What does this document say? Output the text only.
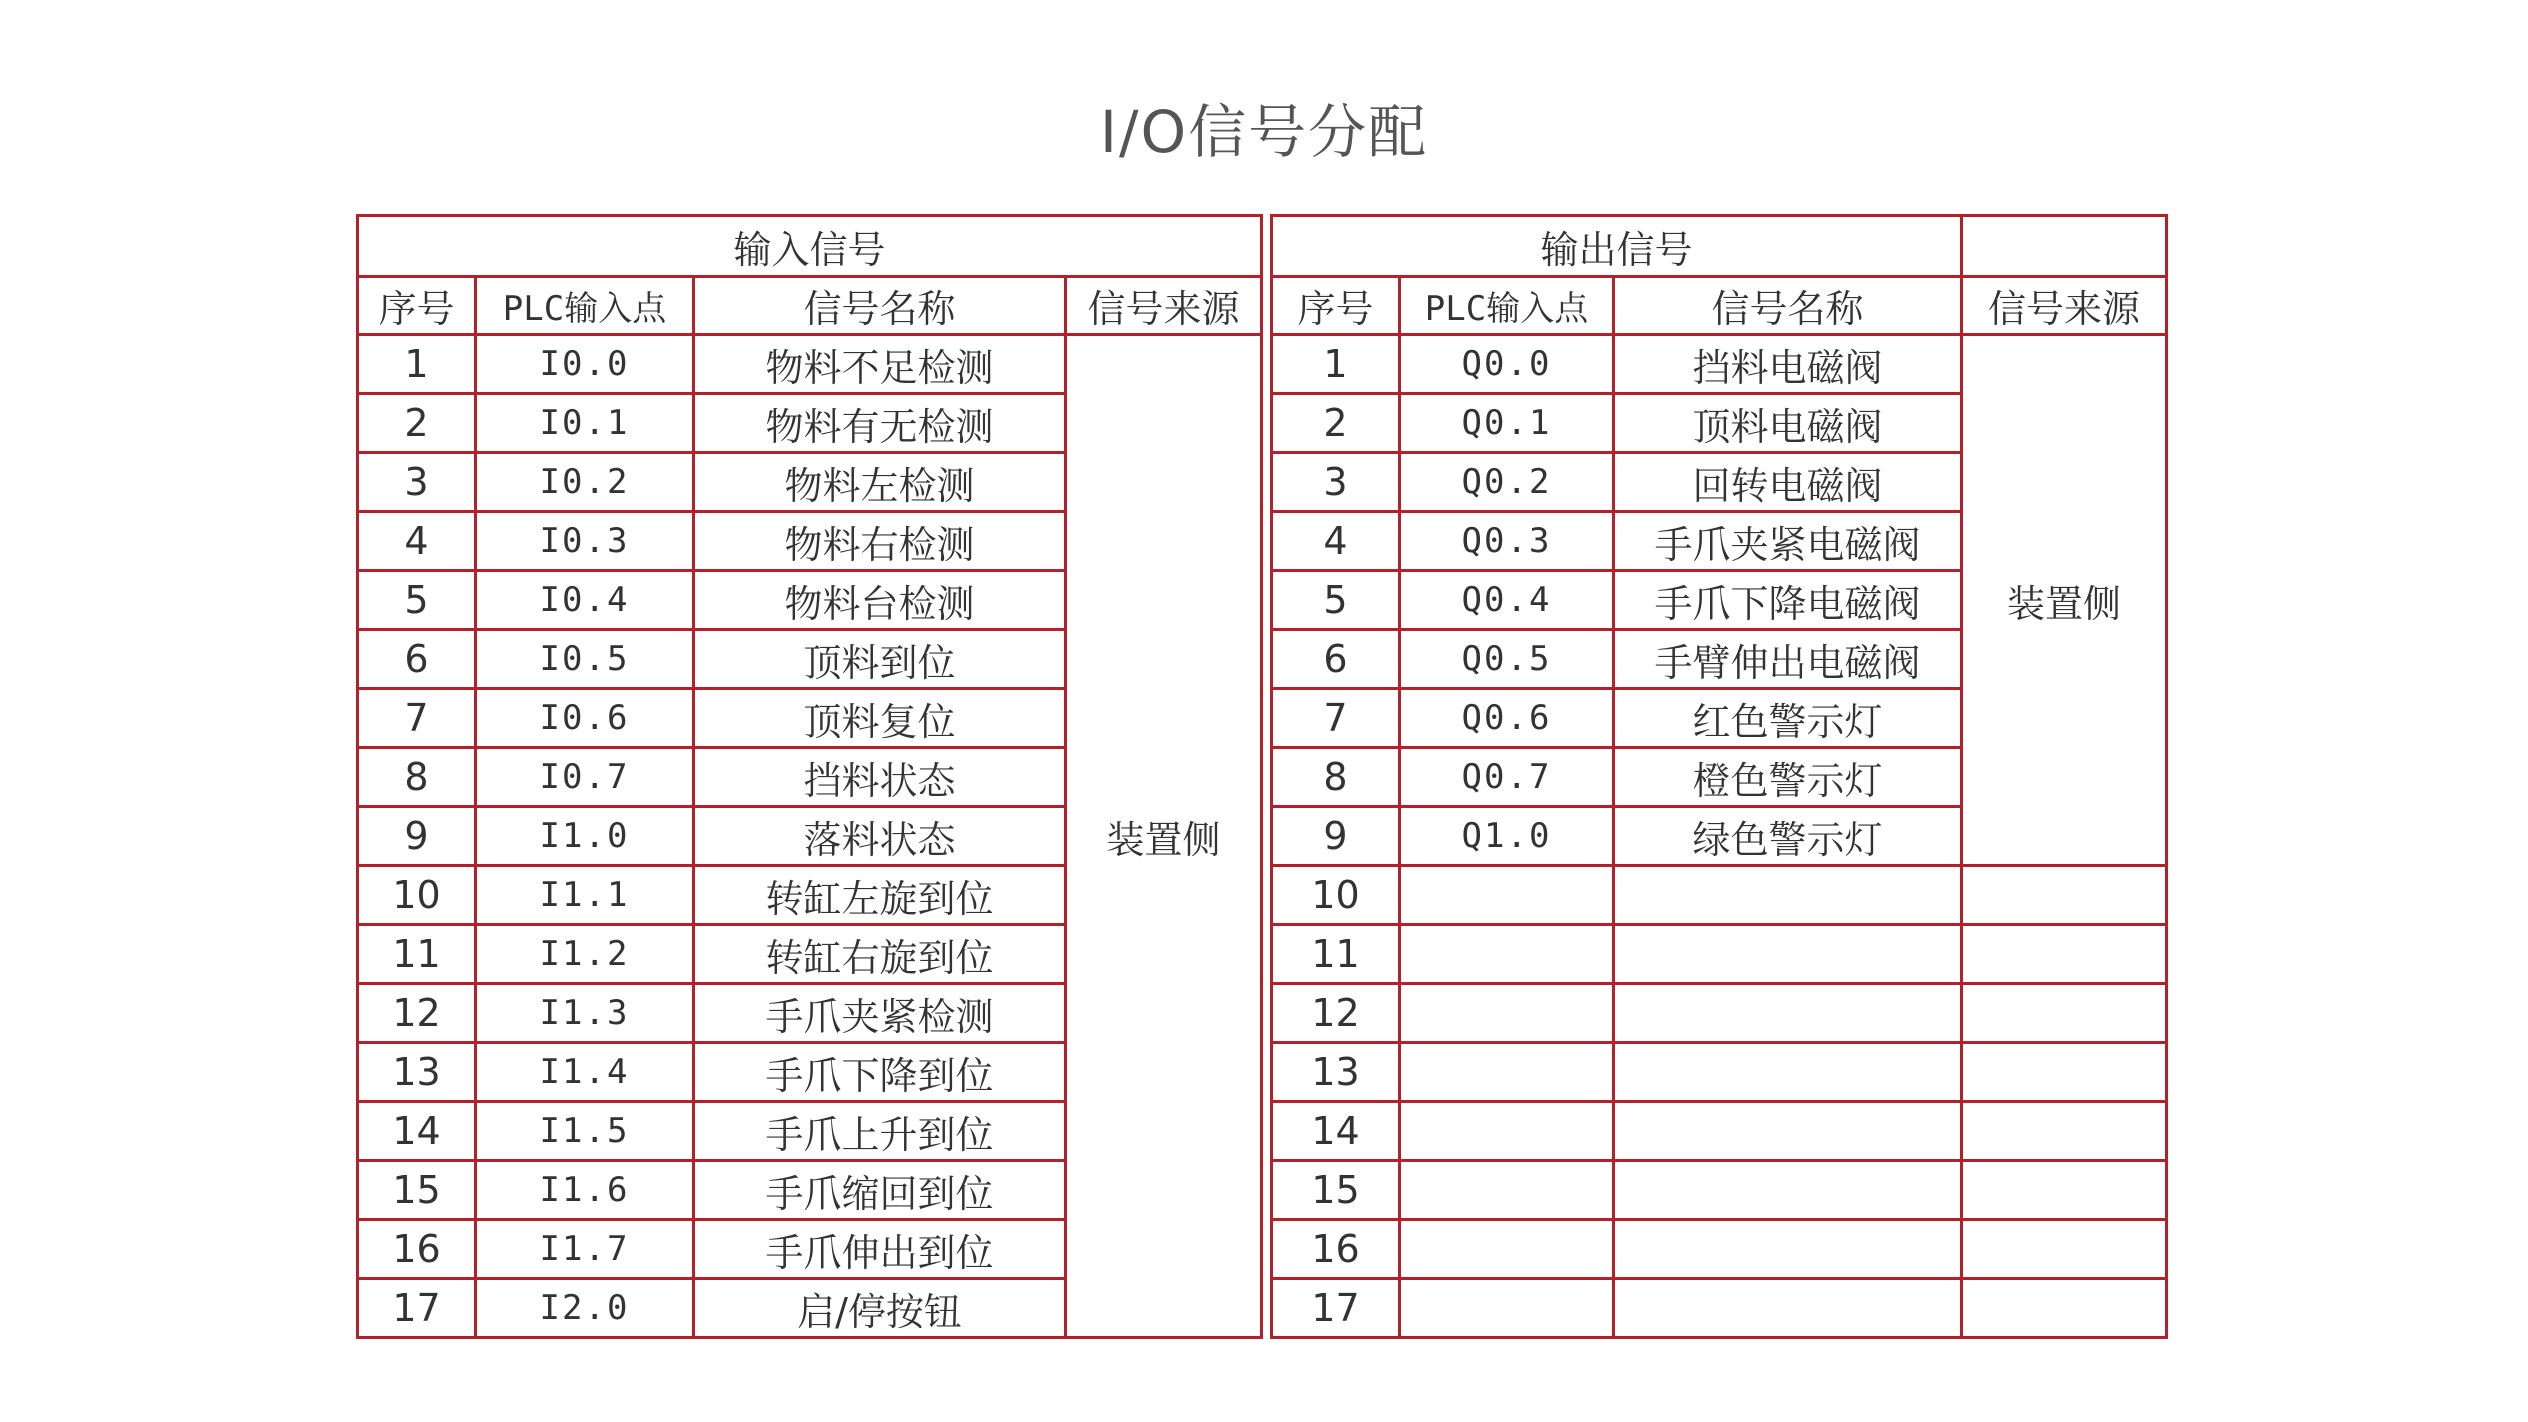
I/O信号分配
输入信号			
序号	PLC输入点	信号名称	信号来源
1	I0.0	物料不足检测	装置侧
2	I0.1	物料有无检测	
3	I0.2	物料左检测	
4	I0.3	物料右检测	
5	I0.4	物料台检测	
6	I0.5	顶料到位	
7	I0.6	顶料复位	
8	I0.7	挡料状态	
9	I1.0	落料状态	
10	I1.1	转缸左旋到位	
11	I1.2	转缸右旋到位	
12	I1.3	手爪夹紧检测	
13	I1.4	手爪下降到位	
14	I1.5	手爪上升到位	
15	I1.6	手爪缩回到位	
16	I1.7	手爪伸出到位	
17	I2.0	启/停按钮	
输出信号			
序号	PLC输入点	信号名称	信号来源
1	Q0.0	挡料电磁阀	装置侧
2	Q0.1	顶料电磁阀	
3	Q0.2	回转电磁阀	
4	Q0.3	手爪夹紧电磁阀	
5	Q0.4	手爪下降电磁阀	
6	Q0.5	手臂伸出电磁阀	
7	Q0.6	红色警示灯	
8	Q0.7	橙色警示灯	
9	Q1.0	绿色警示灯	
10			
11			
12			
13			
14			
15			
16			
17			
